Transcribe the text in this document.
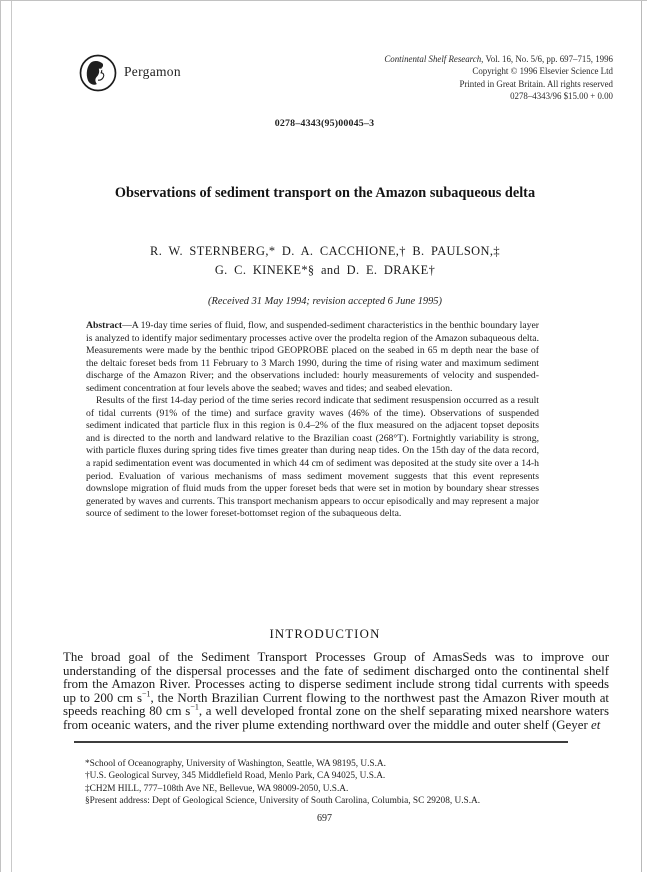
Pergamon
Continental Shelf Research, Vol. 16, No. 5/6, pp. 697–715, 1996
Copyright © 1996 Elsevier Science Ltd
Printed in Great Britain. All rights reserved
0278–4343/96 $15.00 + 0.00
0278–4343(95)00045–3
Observations of sediment transport on the Amazon subaqueous delta
R. W. STERNBERG,* D. A. CACCHIONE,† B. PAULSON,‡
G. C. KINEKE*§ and D. E. DRAKE†
(Received 31 May 1994; revision accepted 6 June 1995)

Abstract—A 19-day time series of fluid, flow, and suspended-sediment characteristics in the benthic boundary layer is analyzed to identify major sedimentary processes active over the prodelta region of the Amazon subaqueous delta. Measurements were made by the benthic tripod GEOPROBE placed on the seabed in 65 m depth near the base of the deltaic foreset beds from 11 February to 3 March 1990, during the time of rising water and maximum sediment discharge of the Amazon River; and the observations included: hourly measurements of velocity and suspended-sediment concentration at four levels above the seabed; waves and tides; and seabed elevation.

Results of the first 14-day period of the time series record indicate that sediment resuspension occurred as a result of tidal currents (91% of the time) and surface gravity waves (46% of the time). Observations of suspended sediment indicated that particle flux in this region is 0.4–2% of the flux measured on the adjacent topset deposits and is directed to the north and landward relative to the Brazilian coast (268°T). Fortnightly variability is strong, with particle fluxes during spring tides five times greater than during neap tides. On the 15th day of the data record, a rapid sedimentation event was documented in which 44 cm of sediment was deposited at the study site over a 14-h period. Evaluation of various mechanisms of mass sediment movement suggests that this event represents downslope migration of fluid muds from the upper foreset beds that were set in motion by boundary shear stresses generated by waves and currents. This transport mechanism appears to occur episodically and may represent a major source of sediment to the lower foreset-bottomset region of the subaqueous delta.

INTRODUCTION

The broad goal of the Sediment Transport Processes Group of AmasSeds was to improve our understanding of the dispersal processes and the fate of sediment discharged onto the continental shelf from the Amazon River. Processes acting to disperse sediment include strong tidal currents with speeds up to 200 cm $s^{-1}$, the North Brazilian Current flowing to the northwest past the Amazon River mouth at speeds reaching 80 cm $s^{-1}$, a well developed frontal zone on the shelf separating mixed nearshore waters from oceanic waters, and the river plume extending northward over the middle and outer shelf (Geyer et

*School of Oceanography, University of Washington, Seattle, WA 98195, U.S.A.
†U.S. Geological Survey, 345 Middlefield Road, Menlo Park, CA 94025, U.S.A.
‡CH2M HILL, 777–108th Ave NE, Bellevue, WA 98009-2050, U.S.A.
§Present address: Dept of Geological Science, University of South Carolina, Columbia, SC 29208, U.S.A.
697
